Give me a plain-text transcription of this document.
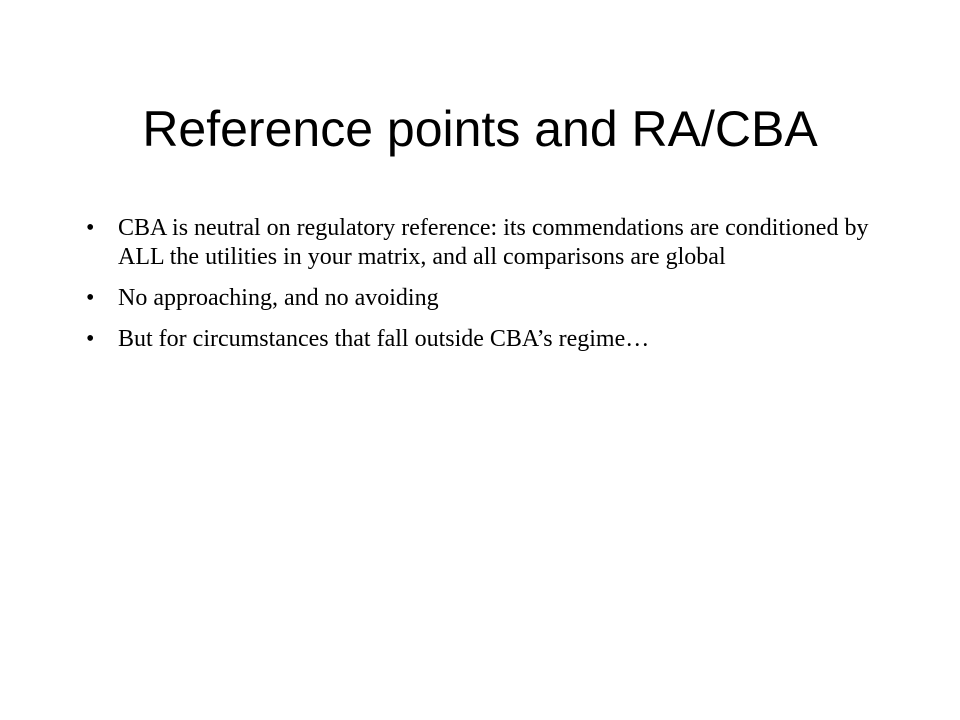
Reference points and RA/CBA
• CBA is neutral on regulatory reference: its commendations are conditioned by ALL the utilities in your matrix, and all comparisons are global
• No approaching, and no avoiding
• But for circumstances that fall outside CBA’s regime…
